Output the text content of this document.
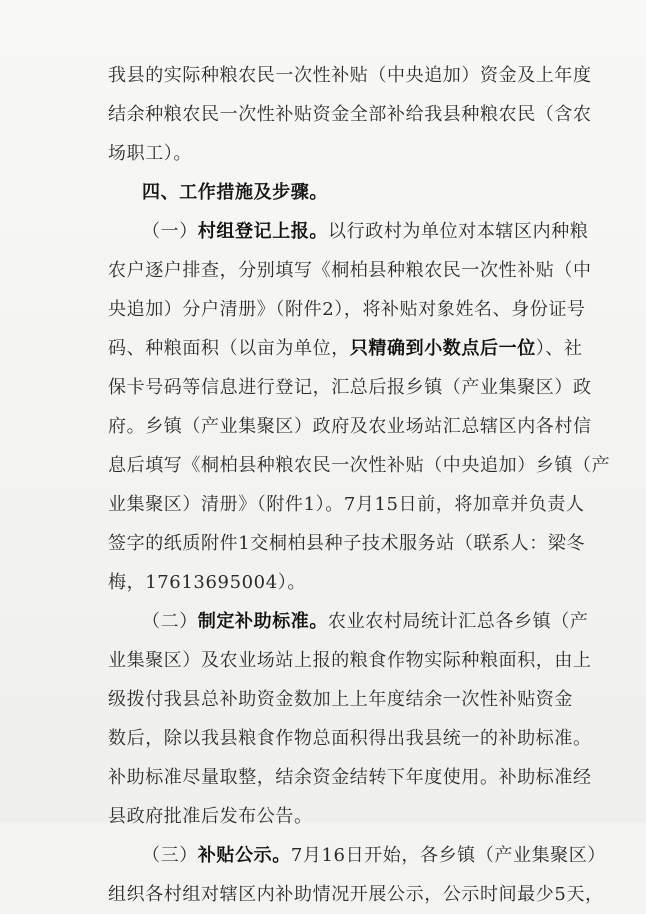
我县的实际种粮农民一次性补贴（中央追加）资金及上年度
结余种粮农民一次性补贴资金全部补给我县种粮农民（含农
场职工）。
四、工作措施及步骤。
（一）村组登记上报。以行政村为单位对本辖区内种粮
农户逐户排查，分别填写《桐柏县种粮农民一次性补贴（中
央追加）分户清册》（附件2），将补贴对象姓名、身份证号
码、种粮面积（以亩为单位，只精确到小数点后一位）、社
保卡号码等信息进行登记，汇总后报乡镇（产业集聚区）政
府。乡镇（产业集聚区）政府及农业场站汇总辖区内各村信
息后填写《桐柏县种粮农民一次性补贴（中央追加）乡镇（产
业集聚区）清册》（附件1）。7月15日前，将加章并负责人
签字的纸质附件1交桐柏县种子技术服务站（联系人：梁冬
梅，17613695004）。
（二）制定补助标准。农业农村局统计汇总各乡镇（产
业集聚区）及农业场站上报的粮食作物实际种粮面积，由上
级拨付我县总补助资金数加上上年度结余一次性补贴资金
数后，除以我县粮食作物总面积得出我县统一的补助标准。
补助标准尽量取整，结余资金结转下年度使用。补助标准经
县政府批准后发布公告。
（三）补贴公示。7月16日开始，各乡镇（产业集聚区）
组织各村组对辖区内补助情况开展公示，公示时间最少5天，
